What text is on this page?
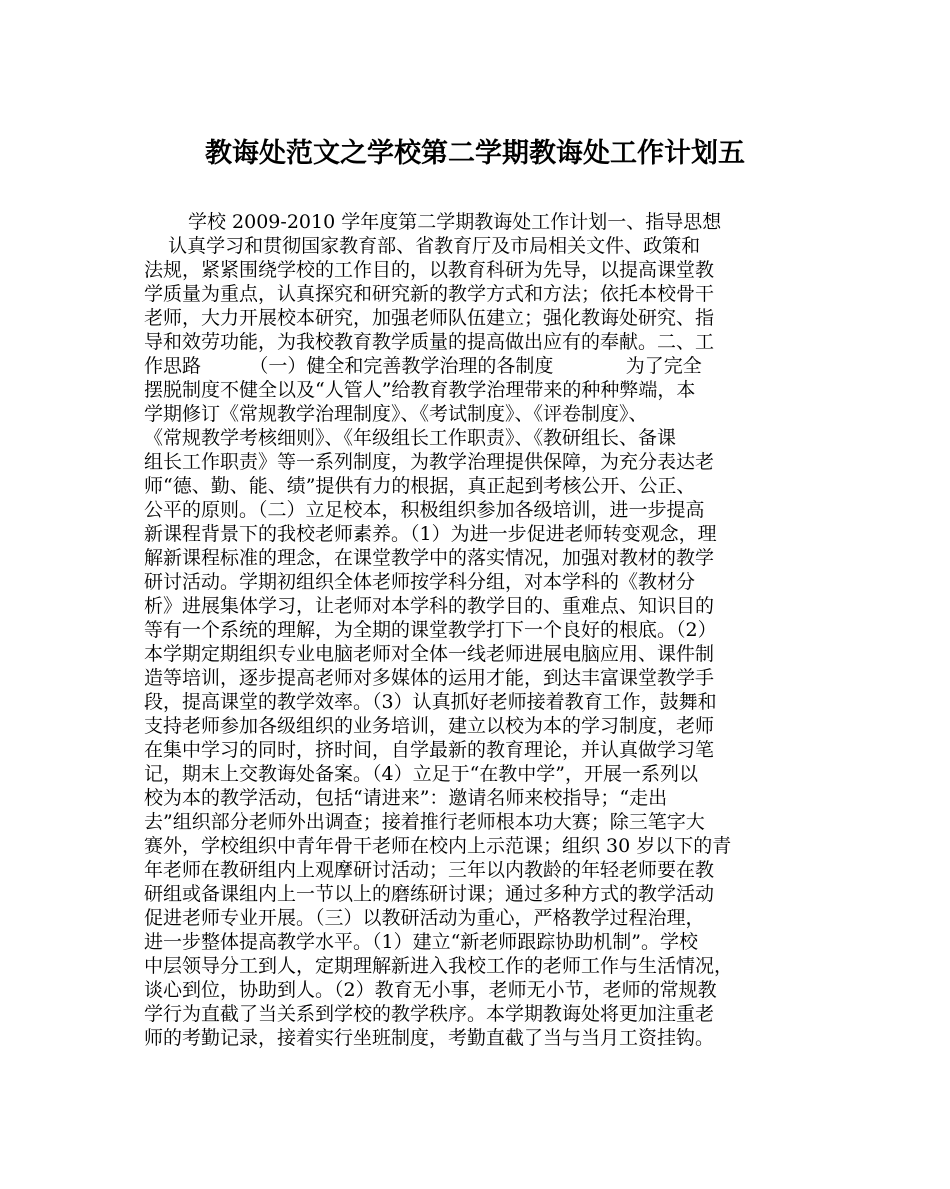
教诲处范文之学校第二学期教诲处工作计划五
学校 2009-2010 学年度第二学期教诲处工作计划一、指导思想
认真学习和贯彻国家教育部、省教育厅及市局相关文件、政策和
法规，紧紧围绕学校的工作目的，以教育科研为先导，以提高课堂教
学质量为重点，认真探究和研究新的教学方式和方法；依托本校骨干
老师，大力开展校本研究，加强老师队伍建立；强化教诲处研究、指
导和效劳功能，为我校教育教学质量的提高做出应有的奉献。二、工
作思路        （一）健全和完善教学治理的各制度            为了完全
摆脱制度不健全以及“人管人”给教育教学治理带来的种种弊端，本
学期修订《常规教学治理制度》、《考试制度》、《评卷制度》、
《常规教学考核细则》、《年级组长工作职责》、《教研组长、备课
组长工作职责》等一系列制度，为教学治理提供保障，为充分表达老
师“德、勤、能、绩”提供有力的根据，真正起到考核公开、公正、
公平的原则。（二）立足校本，积极组织参加各级培训，进一步提高
新课程背景下的我校老师素养。（1）为进一步促进老师转变观念，理
解新课程标准的理念，在课堂教学中的落实情况，加强对教材的教学
研讨活动。学期初组织全体老师按学科分组，对本学科的《教材分
析》进展集体学习，让老师对本学科的教学目的、重难点、知识目的
等有一个系统的理解，为全期的课堂教学打下一个良好的根底。（2）
本学期定期组织专业电脑老师对全体一线老师进展电脑应用、课件制
造等培训，逐步提高老师对多媒体的运用才能，到达丰富课堂教学手
段，提高课堂的教学效率。（3）认真抓好老师接着教育工作，鼓舞和
支持老师参加各级组织的业务培训，建立以校为本的学习制度，老师
在集中学习的同时，挤时间，自学最新的教育理论，并认真做学习笔
记，期末上交教诲处备案。（4）立足于“在教中学”，开展一系列以
校为本的教学活动，包括“请进来”：邀请名师来校指导；“走出
去”组织部分老师外出调查；接着推行老师根本功大赛；除三笔字大
赛外，学校组织中青年骨干老师在校内上示范课；组织 30 岁以下的青
年老师在教研组内上观摩研讨活动；三年以内教龄的年轻老师要在教
研组或备课组内上一节以上的磨练研讨课；通过多种方式的教学活动
促进老师专业开展。（三）以教研活动为重心，严格教学过程治理，
进一步整体提高教学水平。（1）建立“新老师跟踪协助机制”。学校
中层领导分工到人，定期理解新进入我校工作的老师工作与生活情况，
谈心到位，协助到人。（2）教育无小事，老师无小节，老师的常规教
学行为直截了当关系到学校的教学秩序。本学期教诲处将更加注重老
师的考勤记录，接着实行坐班制度，考勤直截了当与当月工资挂钩。
